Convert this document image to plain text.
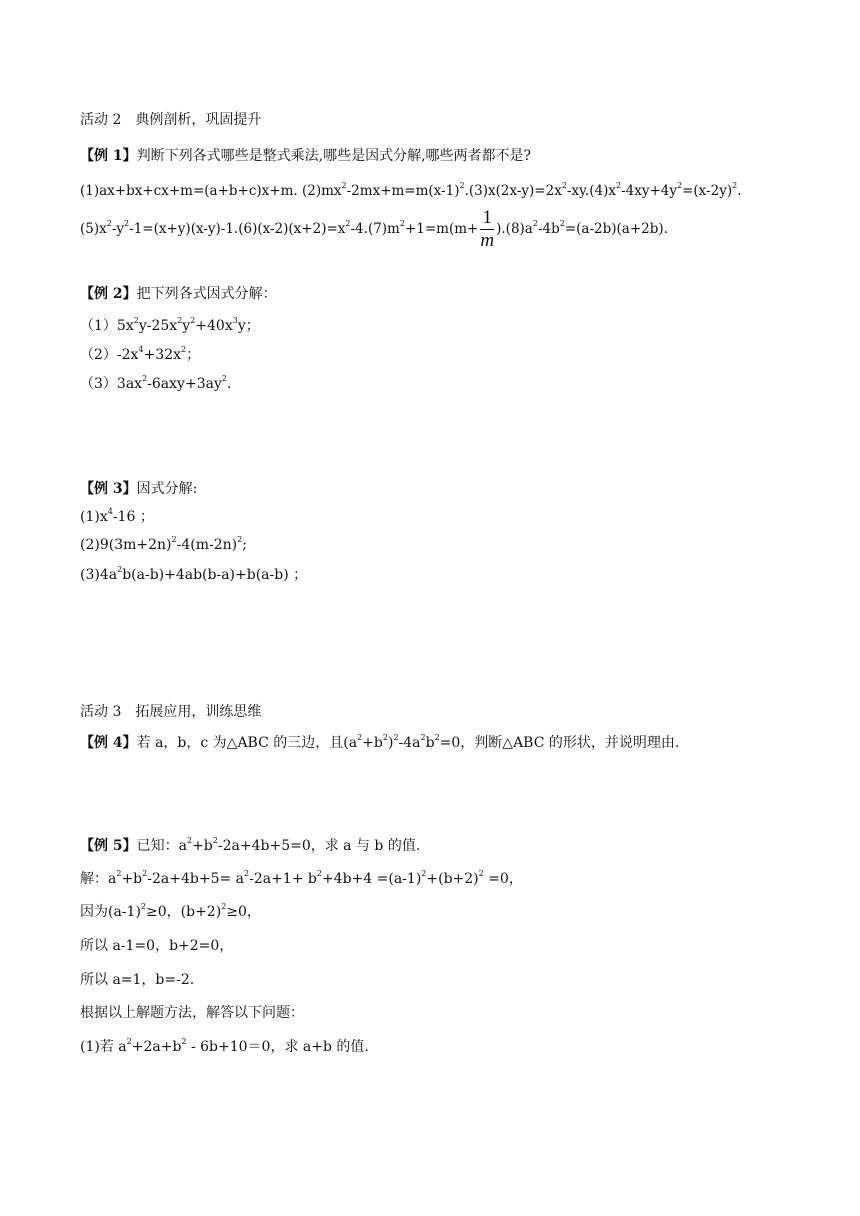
活动 2　典例剖析，巩固提升
【例 1】判断下列各式哪些是整式乘法,哪些是因式分解,哪些两者都不是?
(1)ax+bx+cx+m=(a+b+c)x+m. $(2)mx^2-2mx+m=m(x-1)^2.(3)x(2x-y)=2x^2-xy.(4)x^2-4xy+4y^2=(x-2y)^2$.
$(5)x^2-y^2-1=(x+y)(x-y)-1.(6)(x-2)(x+2)=x^2-4.(7)m^2+1=m(m+ \frac{1}{m} ).(8)a^2-4b^2=(a-2b)(a+2b)$.
【例 2】把下列各式因式分解：
$(1)5x^2y-25x^2y^2+40x^3y$；
$(2)-2x^4+32x^2$；
$(3)3ax^2-6axy+3ay^2$.
【例 3】因式分解:
$(1)x^4-16$ ；
$(2)9(3m+2n)^2-4(m-2n)^2$;
$(3)4a^2b(a-b)+4ab(b-a)+b(a-b)$ ；
活动 3　拓展应用，训练思维
【例 4】若 a，b，c 为△ABC 的三边，且$(a^2+b^2)^2-4a^2b^2=0$，判断△ABC 的形状，并说明理由.
【例 5】已知：$a^2+b^2-2a+4b+5=0$，求 a 与 b 的值.
解：$a^2+b^2-2a+4b+5= a^2-2a+1+ b^2+4b+4 =(a-1)^2+(b+2)^2 =0$，
因为$(a-1)^2\ge 0$，$(b+2)^2\ge 0$，
所以 a-1=0，b+2=0，
所以 a=1，b=-2.
根据以上解题方法，解答以下问题：
(1)若 $a^2+2a+b^2 - 6b+10=0$，求 a+b 的值.
